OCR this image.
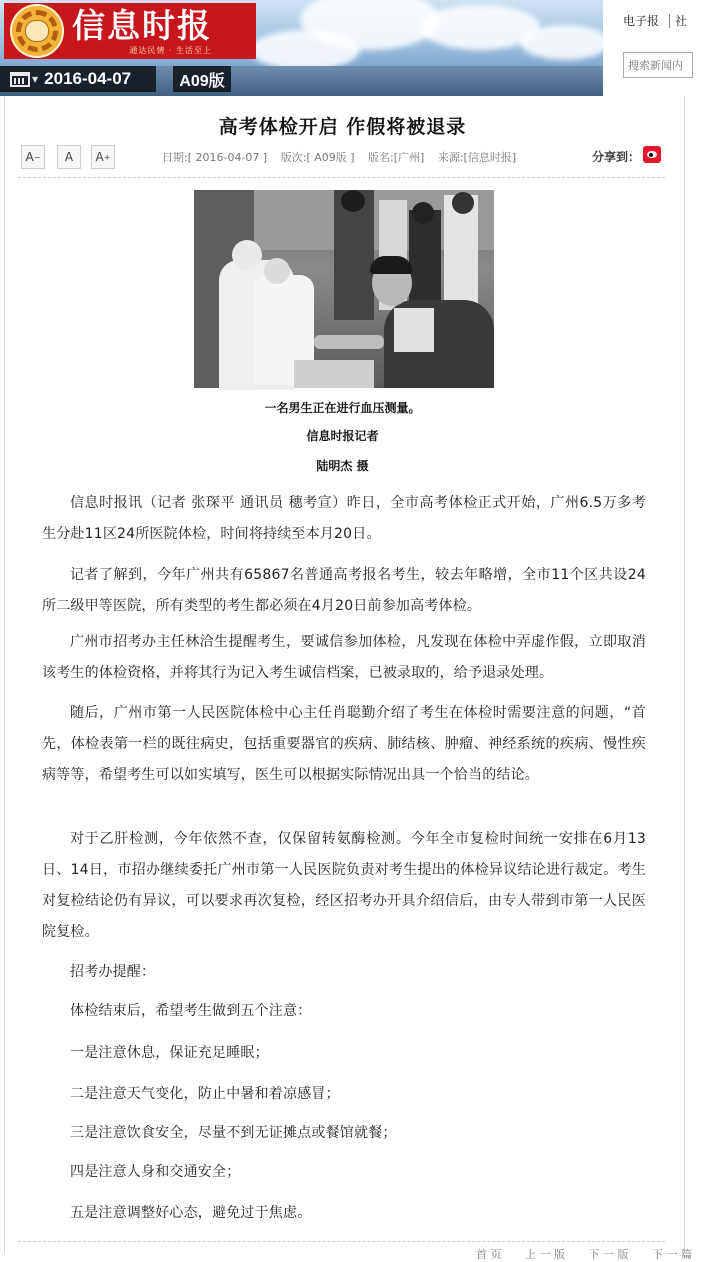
信息时报
通达民情 · 生活至上
▼ 2016-04-07	A09版
电子报 社
搜索新闻内
高考体检开启 作假将被退录
A −	A	A +	日期:[ 2016-04-07 ] 版次:[ A09版 ] 版名:[广州] 来源:[信息时报]	分享到：
一名男生正在进行血压测量。
信息时报记者
陆明杰 摄
信息时报讯（记者 张琛平 通讯员 穗考宣）昨日，全市高考体检正式开始，广州6.5万多考生分赴11区24所医院体检，时间将持续至本月20日。
记者了解到，今年广州共有65867名普通高考报名考生，较去年略增，全市11个区共设24所二级甲等医院，所有类型的考生都必须在4月20日前参加高考体检。
广州市招考办主任林洽生提醒考生，要诚信参加体检，凡发现在体检中弄虚作假，立即取消该考生的体检资格，并将其行为记入考生诚信档案，已被录取的，给予退录处理。
随后，广州市第一人民医院体检中心主任肖聪勤介绍了考生在体检时需要注意的问题，“首先，体检表第一栏的既往病史，包括重要器官的疾病、肺结核、肿瘤、神经系统的疾病、慢性疾病等等，希望考生可以如实填写，医生可以根据实际情况出具一个恰当的结论。
对于乙肝检测，今年依然不查，仅保留转氨酶检测。今年全市复检时间统一安排在6月13日、14日，市招办继续委托广州市第一人民医院负责对考生提出的体检异议结论进行裁定。考生对复检结论仍有异议，可以要求再次复检，经区招考办开具介绍信后，由专人带到市第一人民医院复检。
招考办提醒：
体检结束后，希望考生做到五个注意：
一是注意休息，保证充足睡眠；
二是注意天气变化，防止中暑和着凉感冒；
三是注意饮食安全，尽量不到无证摊点或餐馆就餐；
四是注意人身和交通安全；
五是注意调整好心态，避免过于焦虑。
首 页 上 一 版 下 一 版 下 一 篇
